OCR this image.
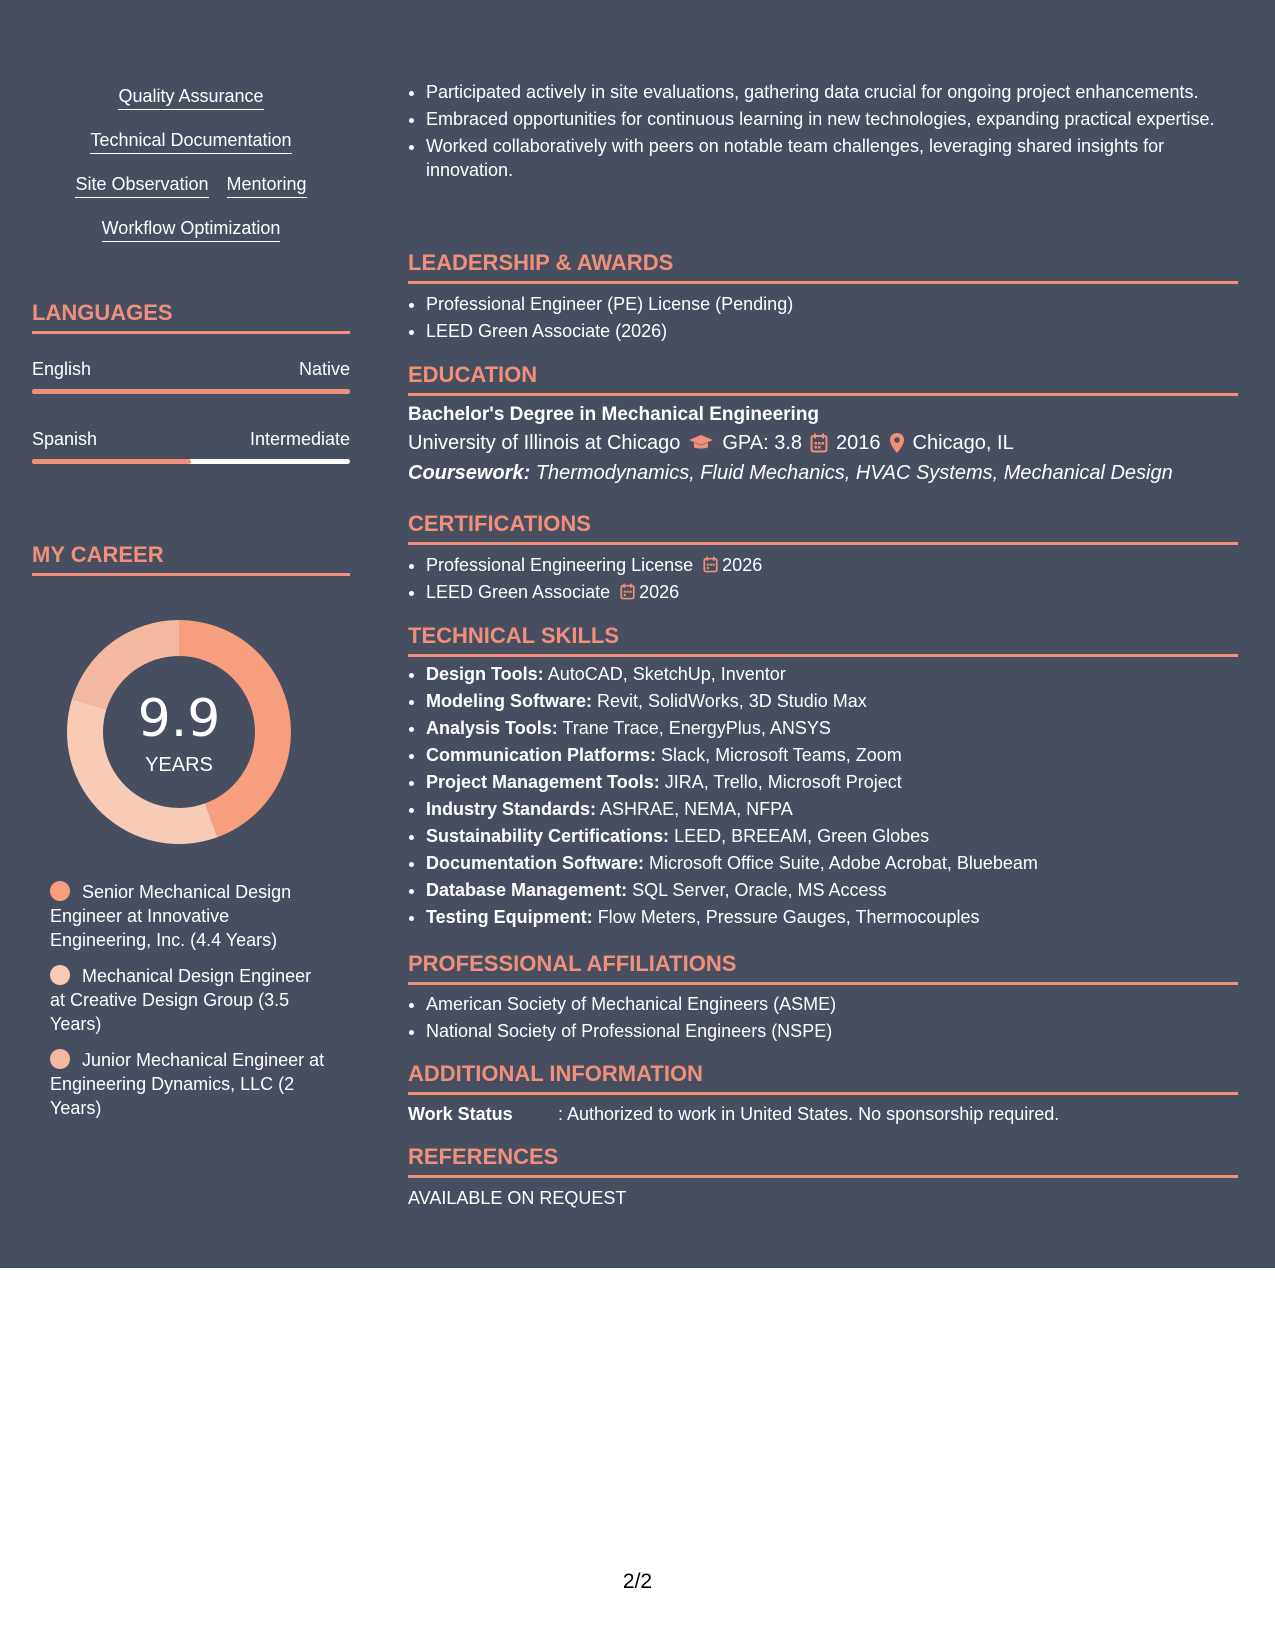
Quality Assurance
Technical Documentation
Site Observation Mentoring
Workflow Optimization
LANGUAGES
English	Native
Spanish	Intermediate
MY CAREER
9.9
YEARS
Senior Mechanical Design Engineer at Innovative Engineering, Inc. (4.4 Years)
Mechanical Design Engineer at Creative Design Group (3.5 Years)
Junior Mechanical Engineer at Engineering Dynamics, LLC (2 Years)
• Participated actively in site evaluations, gathering data crucial for ongoing project enhancements.
• Embraced opportunities for continuous learning in new technologies, expanding practical expertise.
• Worked collaboratively with peers on notable team challenges, leveraging shared insights for innovation.
LEADERSHIP & AWARDS
• Professional Engineer (PE) License (Pending)
• LEED Green Associate (2026)
EDUCATION
Bachelor's Degree in Mechanical Engineering
University of Illinois at Chicago GPA: 3.8 2016 Chicago, IL
Coursework: Thermodynamics, Fluid Mechanics, HVAC Systems, Mechanical Design
CERTIFICATIONS
• Professional Engineering License 2026
• LEED Green Associate 2026
TECHNICAL SKILLS
• Design Tools: AutoCAD, SketchUp, Inventor
• Modeling Software: Revit, SolidWorks, 3D Studio Max
• Analysis Tools: Trane Trace, EnergyPlus, ANSYS
• Communication Platforms: Slack, Microsoft Teams, Zoom
• Project Management Tools: JIRA, Trello, Microsoft Project
• Industry Standards: ASHRAE, NEMA, NFPA
• Sustainability Certifications: LEED, BREEAM, Green Globes
• Documentation Software: Microsoft Office Suite, Adobe Acrobat, Bluebeam
• Database Management: SQL Server, Oracle, MS Access
• Testing Equipment: Flow Meters, Pressure Gauges, Thermocouples
PROFESSIONAL AFFILIATIONS
• American Society of Mechanical Engineers (ASME)
• National Society of Professional Engineers (NSPE)
ADDITIONAL INFORMATION
Work Status	: Authorized to work in United States. No sponsorship required.
REFERENCES
AVAILABLE ON REQUEST
2/2
